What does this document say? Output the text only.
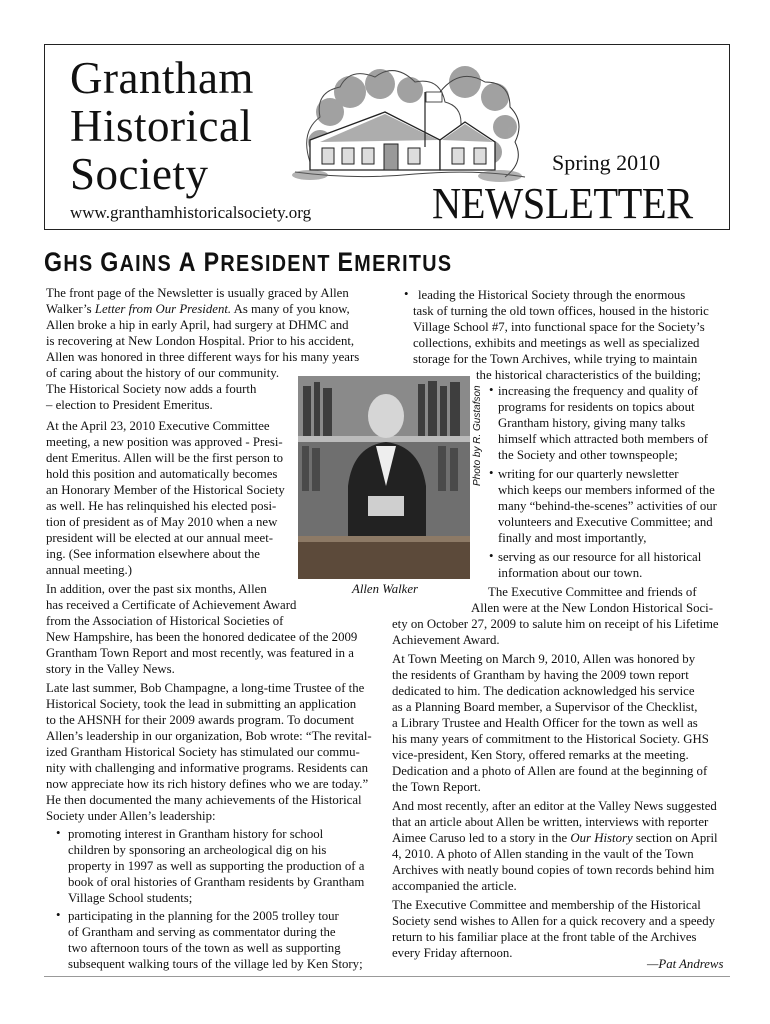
Grantham
Historical
Society
www.granthamhistoricalsociety.org
Spring 2010
NEWSLETTER
GHS GAINS A PRESIDENT EMERITUS
The front page of the Newsletter is usually graced by Allen
Walker’s Letter from Our President. As many of you know,
Allen broke a hip in early April, had surgery at DHMC and
is recovering at New London Hospital. Prior to his accident,
Allen was honored in three different ways for his many years
of caring about the history of our community.
The Historical Society now adds a fourth
– election to President Emeritus.
At the April 23, 2010 Executive Committee
meeting, a new position was approved - Presi-
dent Emeritus. Allen will be the first person to
hold this position and automatically becomes
an Honorary Member of the Historical Society
as well. He has relinquished his elected posi-
tion of president as of May 2010 when a new
president will be elected at our annual meet-
ing. (See information elsewhere about the
annual meeting.)
In addition, over the past six months, Allen
has received a Certificate of Achievement Award
from the Association of Historical Societies of
New Hampshire, has been the honored dedicatee of the 2009
Grantham Town Report and most recently, was featured in a
story in the Valley News.
Late last summer, Bob Champagne, a long-time Trustee of the
Historical Society, took the lead in submitting an application
to the AHSNH for their 2009 awards program. To document
Allen’s leadership in our organization, Bob wrote: “The revital-
ized Grantham Historical Society has stimulated our commu-
nity with challenging and informative programs. Residents can
now appreciate how its rich history defines who we are today.”
He then documented the many achievements of the Historical
Society under Allen’s leadership:
promoting interest in Grantham history for school
children by sponsoring an archeological dig on his
property in 1997 as well as supporting the production of a
book of oral histories of Grantham residents by Grantham
Village School students;
participating in the planning for the 2005 trolley tour
of Grantham and serving as commentator during the
two afternoon tours of the town as well as supporting
subsequent walking tours of the village led by Ken Story;
•
•
Photo by R. Gustafson
Allen Walker
leading the Historical Society through the enormous
task of turning the old town offices, housed in the historic
Village School #7, into functional space for the Society’s
collections, exhibits and meetings as well as specialized
storage for the Town Archives, while trying to maintain
the historical characteristics of the building;
increasing the frequency and quality of
programs for residents on topics about
Grantham history, giving many talks
himself which attracted both members of
the Society and other townspeople;
writing for our quarterly newsletter
which keeps our members informed of the
many “behind-the-scenes” activities of our
volunteers and Executive Committee; and
finally and most importantly,
serving as our resource for all historical
information about our town.
The Executive Committee and friends of
Allen were at the New London Historical Soci-
ety on October 27, 2009 to salute him on receipt of his Lifetime
Achievement Award.
At Town Meeting on March 9, 2010, Allen was honored by
the residents of Grantham by having the 2009 town report
dedicated to him. The dedication acknowledged his service
as a Planning Board member, a Supervisor of the Checklist,
a Library Trustee and Health Officer for the town as well as
his many years of commitment to the Historical Society. GHS
vice-president, Ken Story, offered remarks at the meeting.
Dedication and a photo of Allen are found at the beginning of
the Town Report.
And most recently, after an editor at the Valley News suggested
that an article about Allen be written, interviews with reporter
Aimee Caruso led to a story in the Our History section on April
4, 2010. A photo of Allen standing in the vault of the Town
Archives with neatly bound copies of town records behind him
accompanied the article.
The Executive Committee and membership of the Historical
Society send wishes to Allen for a quick recovery and a speedy
return to his familiar place at the front table of the Archives
every Friday afternoon.
•
•
•
•
—Pat Andrews
